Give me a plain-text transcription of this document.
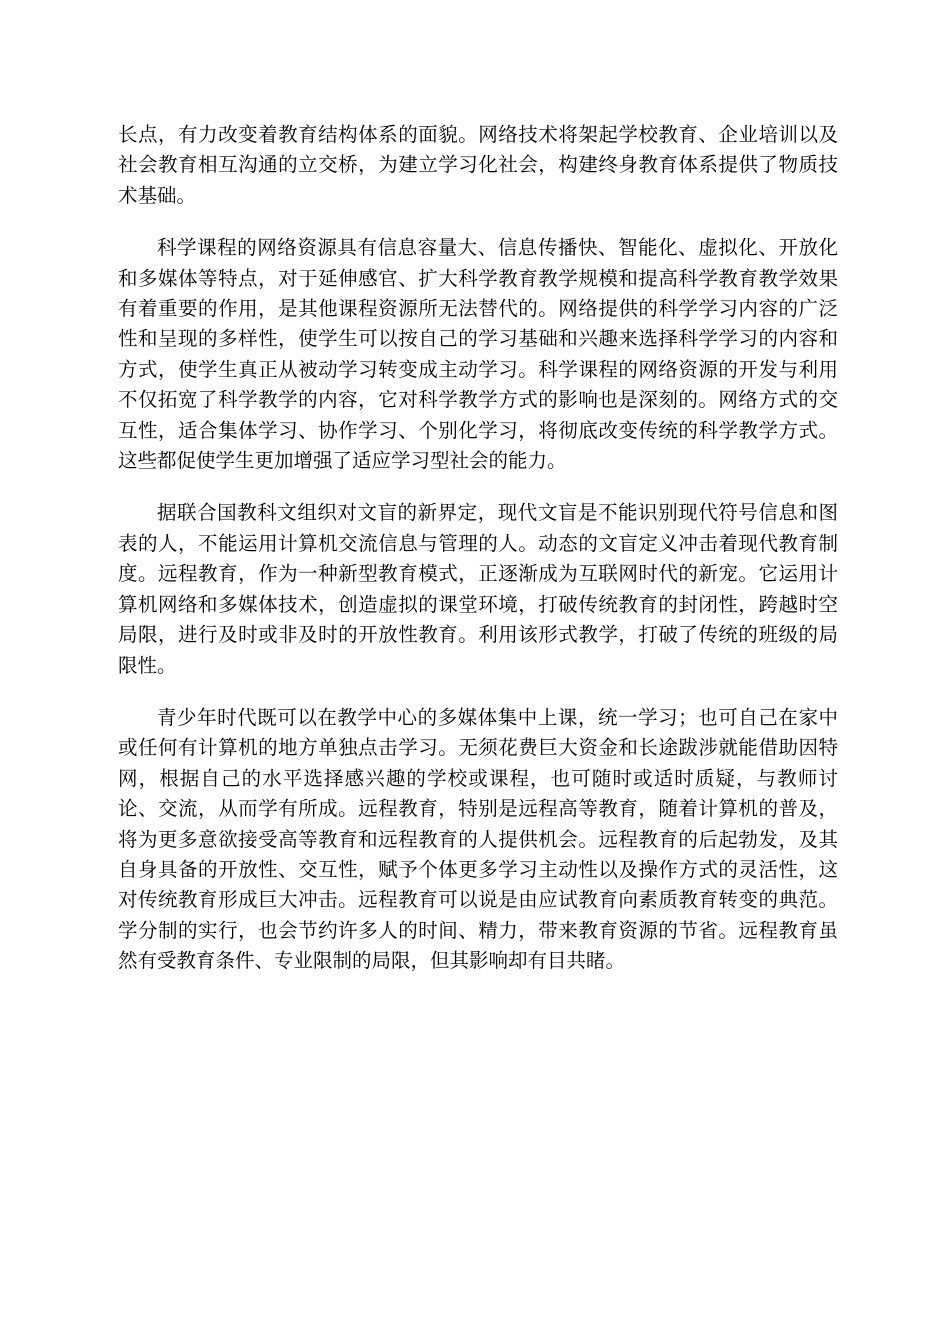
长点，有力改变着教育结构体系的面貌。网络技术将架起学校教育、企业培训以及社会教育相互沟通的立交桥，为建立学习化社会，构建终身教育体系提供了物质技术基础。

科学课程的网络资源具有信息容量大、信息传播快、智能化、虚拟化、开放化和多媒体等特点，对于延伸感官、扩大科学教育教学规模和提高科学教育教学效果有着重要的作用，是其他课程资源所无法替代的。网络提供的科学学习内容的广泛性和呈现的多样性，使学生可以按自己的学习基础和兴趣来选择科学学习的内容和方式，使学生真正从被动学习转变成主动学习。科学课程的网络资源的开发与利用不仅拓宽了科学教学的内容，它对科学教学方式的影响也是深刻的。网络方式的交互性，适合集体学习、协作学习、个别化学习，将彻底改变传统的科学教学方式。这些都促使学生更加增强了适应学习型社会的能力。

据联合国教科文组织对文盲的新界定，现代文盲是不能识别现代符号信息和图表的人，不能运用计算机交流信息与管理的人。动态的文盲定义冲击着现代教育制度。远程教育，作为一种新型教育模式，正逐渐成为互联网时代的新宠。它运用计算机网络和多媒体技术，创造虚拟的课堂环境，打破传统教育的封闭性，跨越时空局限，进行及时或非及时的开放性教育。利用该形式教学，打破了传统的班级的局限性。

青少年时代既可以在教学中心的多媒体集中上课，统一学习；也可自己在家中或任何有计算机的地方单独点击学习。无须花费巨大资金和长途跋涉就能借助因特网，根据自己的水平选择感兴趣的学校或课程，也可随时或适时质疑，与教师讨论、交流，从而学有所成。远程教育，特别是远程高等教育，随着计算机的普及，将为更多意欲接受高等教育和远程教育的人提供机会。远程教育的后起勃发，及其自身具备的开放性、交互性，赋予个体更多学习主动性以及操作方式的灵活性，这对传统教育形成巨大冲击。远程教育可以说是由应试教育向素质教育转变的典范。学分制的实行，也会节约许多人的时间、精力，带来教育资源的节省。远程教育虽然有受教育条件、专业限制的局限，但其影响却有目共睹。
